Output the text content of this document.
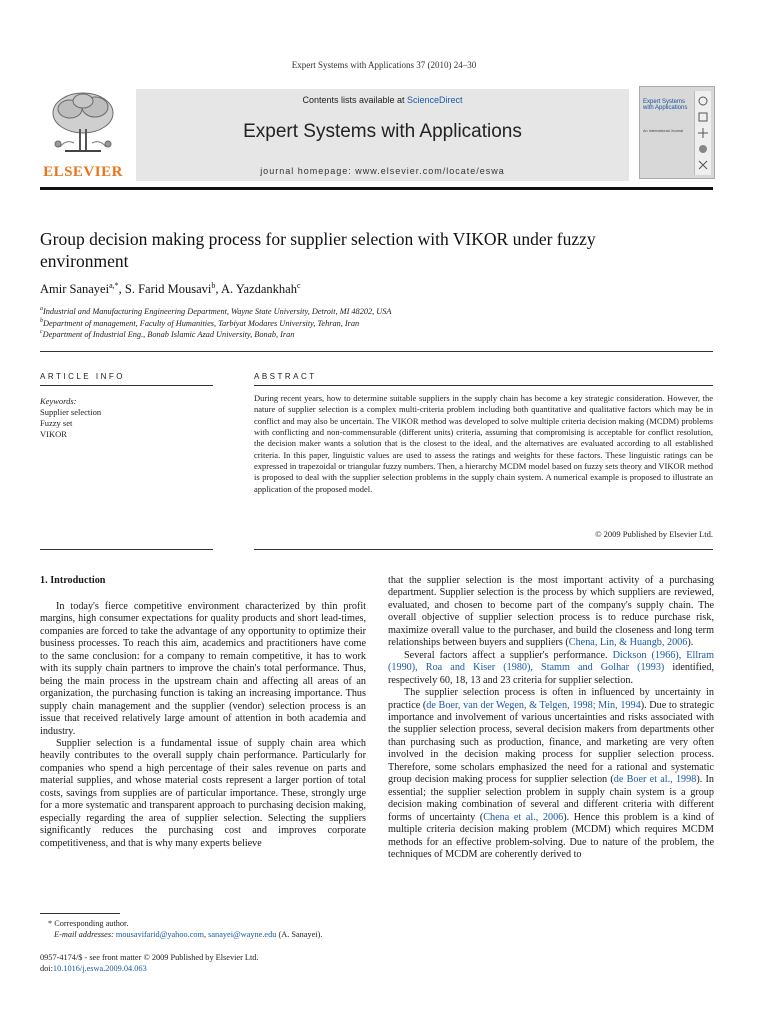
Expert Systems with Applications 37 (2010) 24–30
ELSEVIER
Contents lists available at ScienceDirect
Expert Systems with Applications
journal homepage: www.elsevier.com/locate/eswa
Expert Systems with Applications
An International Journal
Group decision making process for supplier selection with VIKOR under fuzzy environment
Amir Sanayei$^{a,*}$, S. Farid Mousavi$^b$, A. Yazdankhah$^c$
$^a$Industrial and Manufacturing Engineering Department, Wayne State University, Detroit, MI 48202, USA
$^b$Department of management, Faculty of Humanities, Tarbiyat Modares University, Tehran, Iran
$^c$Department of Industrial Eng., Bonab Islamic Azad University, Bonab, Iran
ARTICLE INFO
Keywords:
Supplier selection
Fuzzy set
VIKOR
ABSTRACT
During recent years, how to determine suitable suppliers in the supply chain has become a key strategic consideration. However, the nature of supplier selection is a complex multi-criteria problem including both quantitative and qualitative factors which may be in conflict and may also be uncertain. The VIKOR method was developed to solve multiple criteria decision making (MCDM) problems with conflicting and non-commensurable (different units) criteria, assuming that compromising is acceptable for conflict resolution, the decision maker wants a solution that is the closest to the ideal, and the alternatives are evaluated according to all established criteria. In this paper, linguistic values are used to assess the ratings and weights for these factors. These linguistic ratings can be expressed in trapezoidal or triangular fuzzy numbers. Then, a hierarchy MCDM model based on fuzzy sets theory and VIKOR method is proposed to deal with the supplier selection problems in the supply chain system. A numerical example is proposed to illustrate an application of the proposed model.
© 2009 Published by Elsevier Ltd.
1. Introduction

In today's fierce competitive environment characterized by thin profit margins, high consumer expectations for quality products and short lead-times, companies are forced to take the advantage of any opportunity to optimize their business processes. To reach this aim, academics and practitioners have come to the same conclusion: for a company to remain competitive, it has to work with its supply chain partners to improve the chain's total performance. Thus, being the main process in the upstream chain and affecting all areas of an organization, the purchasing function is taking an increasing importance. Thus supply chain management and the supplier (vendor) selection process is an issue that received relatively large amount of attention in both academia and industry.

Supplier selection is a fundamental issue of supply chain area which heavily contributes to the overall supply chain performance. Particularly for companies who spend a high percentage of their sales revenue on parts and material supplies, and whose material costs represent a larger portion of total costs, savings from supplies are of particular importance. These, strongly urge for a more systematic and transparent approach to purchasing decision making, especially regarding the area of supplier selection. Selecting the suppliers significantly reduces the purchasing cost and improves corporate competitiveness, and that is why many experts believe

that the supplier selection is the most important activity of a purchasing department. Supplier selection is the process by which suppliers are reviewed, evaluated, and chosen to become part of the company's supply chain. The overall objective of supplier selection process is to reduce purchase risk, maximize overall value to the purchaser, and build the closeness and long term relationships between buyers and suppliers (Chena, Lin, & Huangb, 2006).

Several factors affect a supplier's performance. Dickson (1966), Ellram (1990), Roa and Kiser (1980), Stamm and Golhar (1993) identified, respectively 60, 18, 13 and 23 criteria for supplier selection.

The supplier selection process is often in influenced by uncertainty in practice (de Boer, van der Wegen, & Telgen, 1998; Min, 1994). Due to strategic importance and involvement of various uncertainties and risks associated with the supplier selection process, several decision makers from departments other than purchasing such as production, finance, and marketing are very often involved in the decision making process for supplier selection process. Therefore, some scholars emphasized the need for a rational and systematic group decision making process for supplier selection (de Boer et al., 1998). In essential; the supplier selection problem in supply chain system is a group decision making combination of several and different criteria with different forms of uncertainty (Chena et al., 2006). Hence this problem is a kind of multiple criteria decision making problem (MCDM) which requires MCDM methods for an effective problem-solving. Due to nature of the problem, the techniques of MCDM are coherently derived to

* Corresponding author.
E-mail addresses: mousavifarid@yahoo.com, sanayei@wayne.edu (A. Sanayei).
0957-4174/$ - see front matter © 2009 Published by Elsevier Ltd.
doi:10.1016/j.eswa.2009.04.063
